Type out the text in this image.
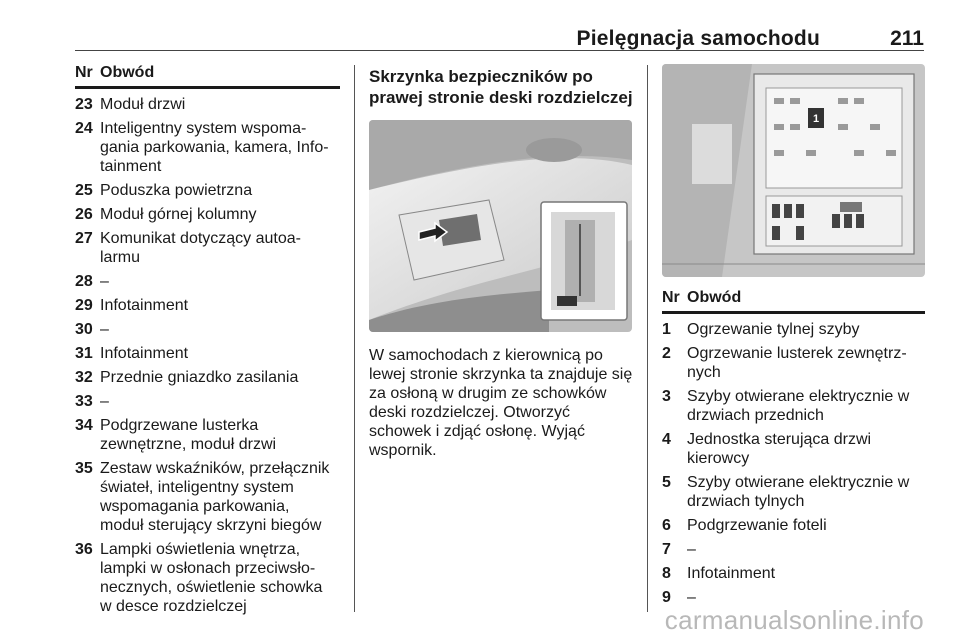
Pielęgnacja samochodu	211
Nr Obwód
23 Moduł drzwi
24 Inteligentny system wspoma-
gania parkowania, kamera, Info-
tainment
25 Poduszka powietrzna
26 Moduł górnej kolumny
27 Komunikat dotyczący autoa-
larmu
28 –
29 Infotainment
30 –
31 Infotainment
32 Przednie gniazdko zasilania
33 –
34 Podgrzewane lusterka
zewnętrzne, moduł drzwi
35 Zestaw wskaźników, przełącznik
świateł, inteligentny system
wspomagania parkowania,
moduł sterujący skrzyni biegów
36 Lampki oświetlenia wnętrza,
lampki w osłonach przeciwsło-
necznych, oświetlenie schowka
w desce rozdzielczej
Skrzynka bezpieczników po
prawej stronie deski rozdzielczej
W samochodach z kierownicą po
lewej stronie skrzynka ta znajduje się
za osłoną w drugim ze schowków
deski rozdzielczej. Otworzyć
schowek i zdjąć osłonę. Wyjąć
wspornik.
1
Nr Obwód
1	Ogrzewanie tylnej szyby
2	Ogrzewanie lusterek zewnętrz-
nych
3	Szyby otwierane elektrycznie w
drzwiach przednich
4	Jednostka sterująca drzwi
kierowcy
5	Szyby otwierane elektrycznie w
drzwiach tylnych
6	Podgrzewanie foteli
7	–
8	Infotainment
9	–
carmanualsonline.info
